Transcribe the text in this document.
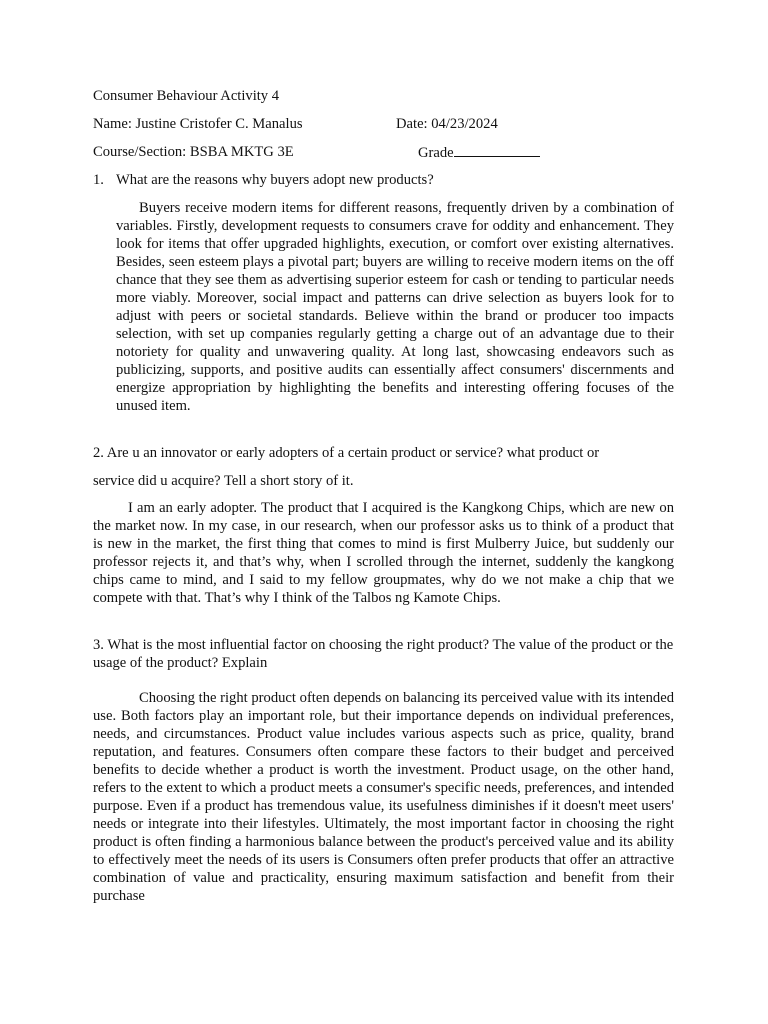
Consumer Behaviour Activity 4
Name: Justine Cristofer C. Manalus	Date: 04/23/2024
Course/Section: BSBA MKTG 3E	Grade
1. What are the reasons why buyers adopt new products?

Buyers receive modern items for different reasons, frequently driven by a combination of variables. Firstly, development requests to consumers crave for oddity and enhancement. They look for items that offer upgraded highlights, execution, or comfort over existing alternatives. Besides, seen esteem plays a pivotal part; buyers are willing to receive modern items on the off chance that they see them as advertising superior esteem for cash or tending to particular needs more viably. Moreover, social impact and patterns can drive selection as buyers look for to adjust with peers or societal standards. Believe within the brand or producer too impacts selection, with set up companies regularly getting a charge out of an advantage due to their notoriety for quality and unwavering quality. At long last, showcasing endeavors such as publicizing, supports, and positive audits can essentially affect consumers' discernments and energize appropriation by highlighting the benefits and interesting offering focuses of the unused item.

2. Are u an innovator or early adopters of a certain product or service? what product or
service did u acquire? Tell a short story of it.

I am an early adopter. The product that I acquired is the Kangkong Chips, which are new on the market now. In my case, in our research, when our professor asks us to think of a product that is new in the market, the first thing that comes to mind is first Mulberry Juice, but suddenly our professor rejects it, and that’s why, when I scrolled through the internet, suddenly the kangkong chips came to mind, and I said to my fellow groupmates, why do we not make a chip that we compete with that. That’s why I think of the Talbos ng Kamote Chips.

3. What is the most influential factor on choosing the right product? The value of the product or the usage of the product? Explain

Choosing the right product often depends on balancing its perceived value with its intended use. Both factors play an important role, but their importance depends on individual preferences, needs, and circumstances. Product value includes various aspects such as price, quality, brand reputation, and features. Consumers often compare these factors to their budget and perceived benefits to decide whether a product is worth the investment. Product usage, on the other hand, refers to the extent to which a product meets a consumer's specific needs, preferences, and intended purpose. Even if a product has tremendous value, its usefulness diminishes if it doesn't meet users' needs or integrate into their lifestyles. Ultimately, the most important factor in choosing the right product is often finding a harmonious balance between the product's perceived value and its ability to effectively meet the needs of its users is Consumers often prefer products that offer an attractive combination of value and practicality, ensuring maximum satisfaction and benefit from their purchase
